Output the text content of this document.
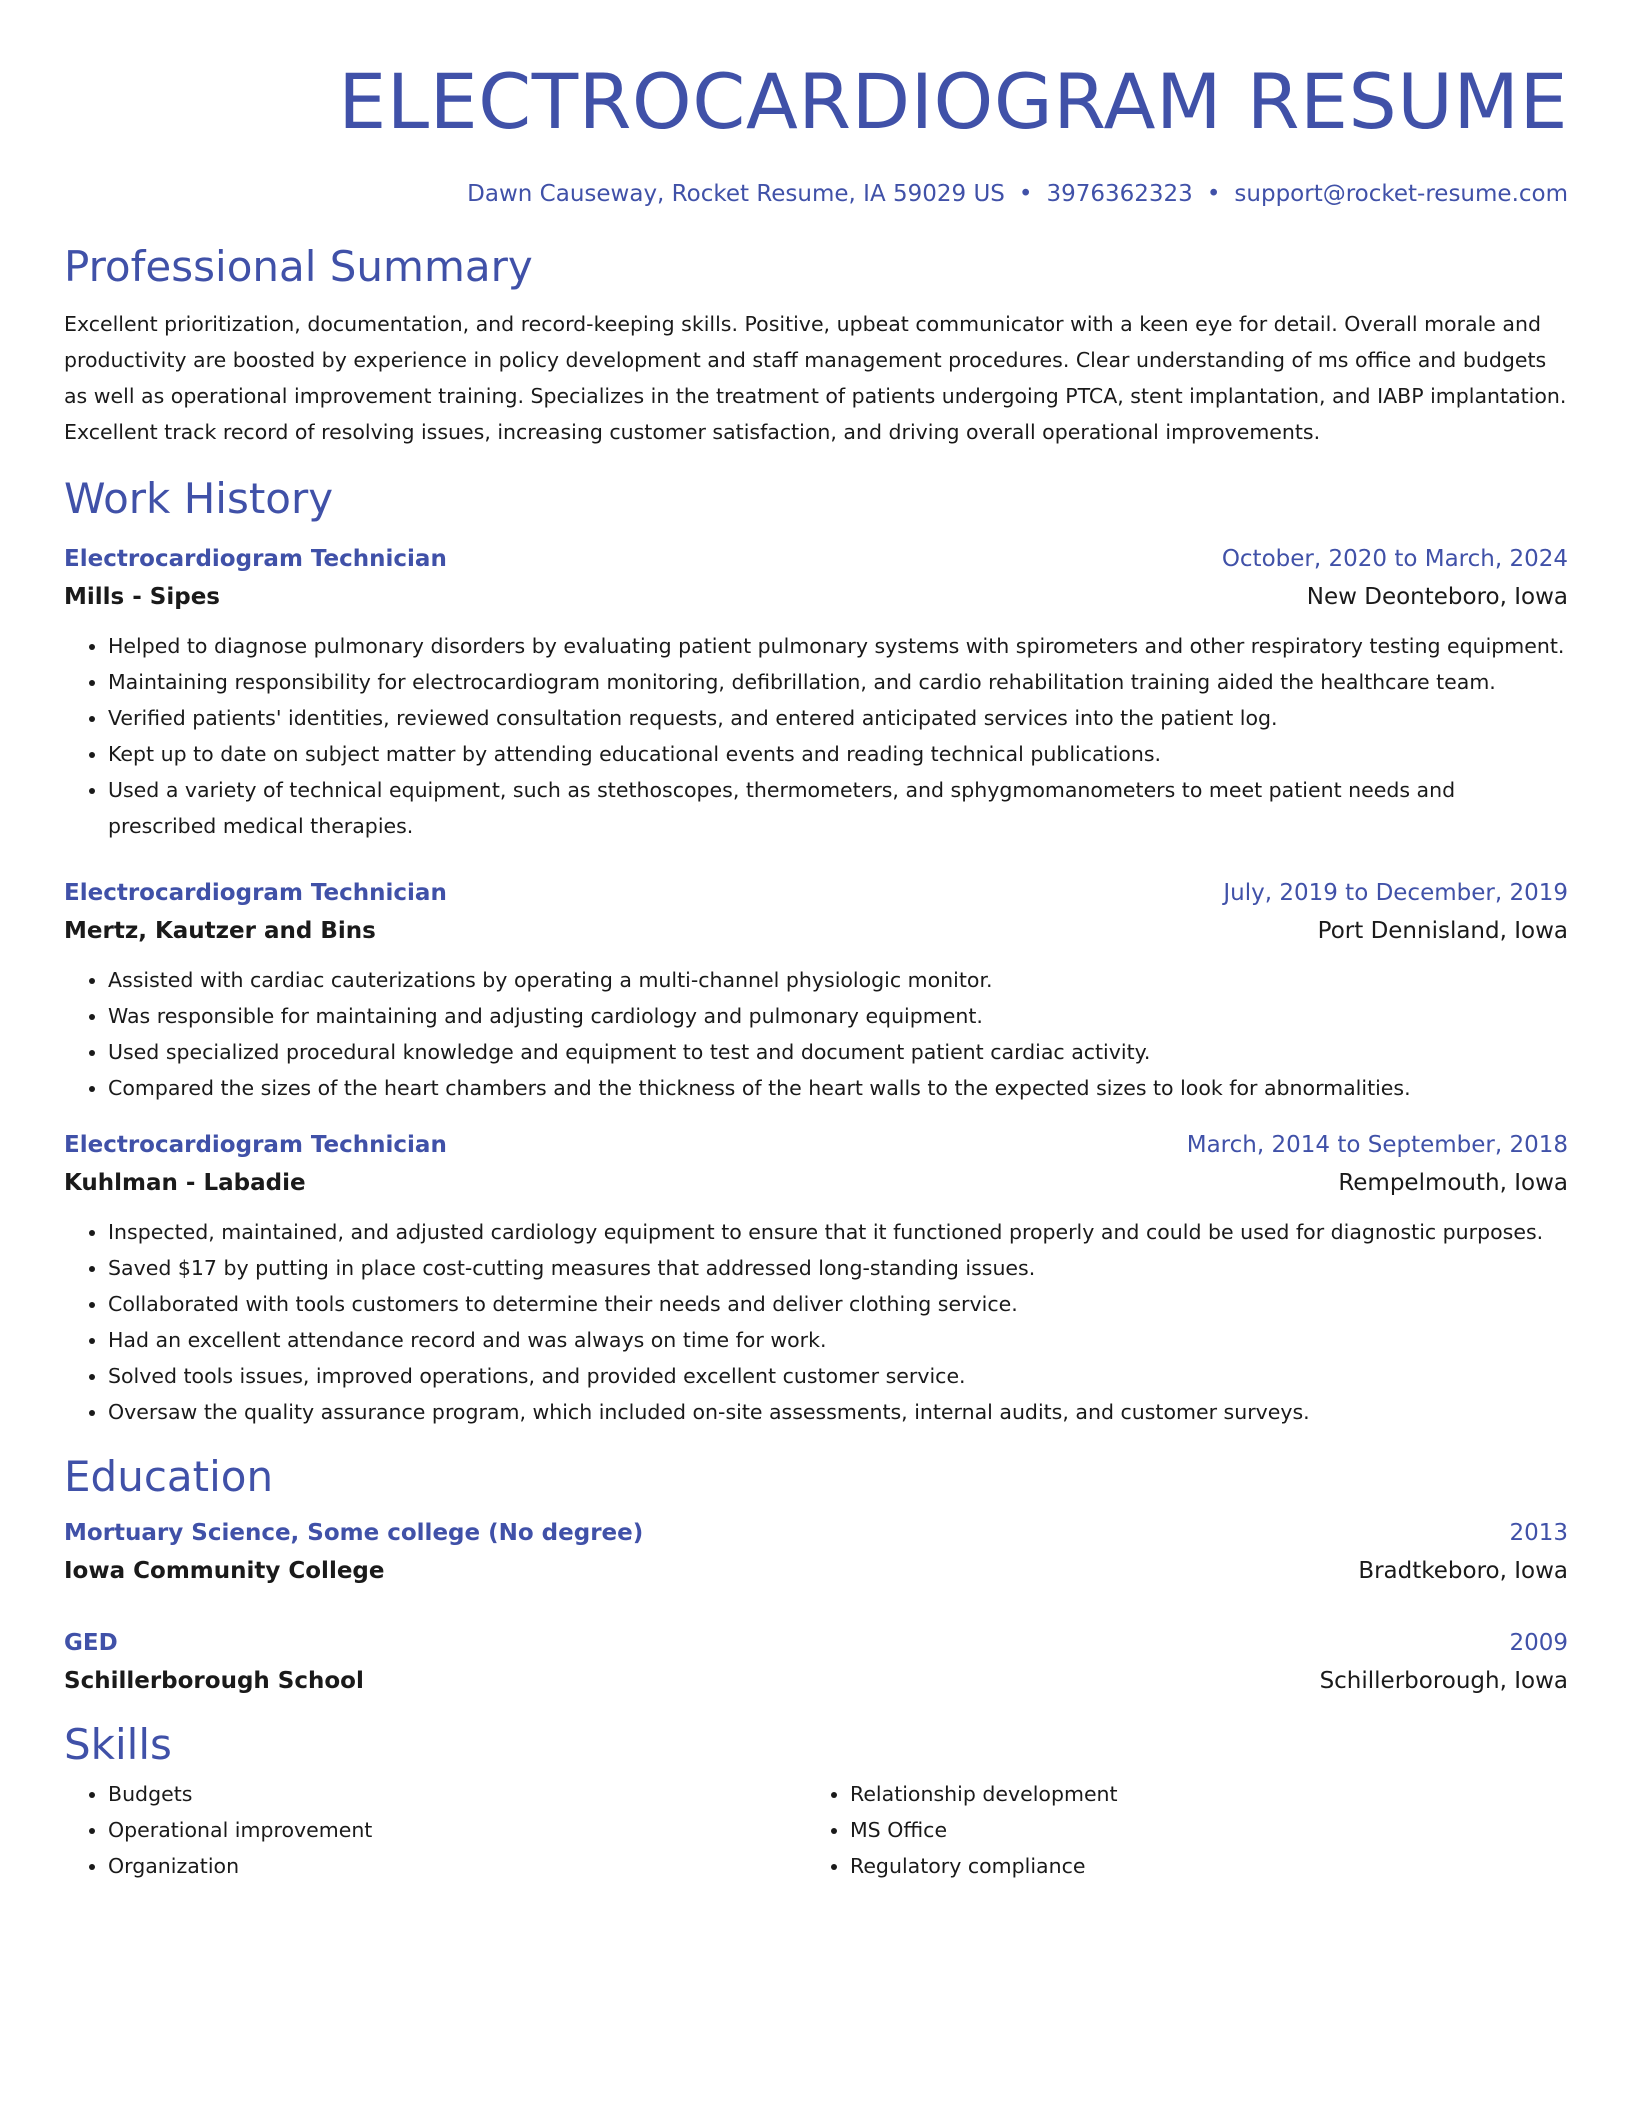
ELECTROCARDIOGRAM RESUME
Dawn Causeway, Rocket Resume, IA 59029 US • 3976362323 • support@rocket-resume.com
Professional Summary
Excellent prioritization, documentation, and record-keeping skills. Positive, upbeat communicator with a keen eye for detail. Overall morale and productivity are boosted by experience in policy development and staff management procedures. Clear understanding of ms office and budgets as well as operational improvement training. Specializes in the treatment of patients undergoing PTCA, stent implantation, and IABP implantation. Excellent track record of resolving issues, increasing customer satisfaction, and driving overall operational improvements.
Work History
Electrocardiogram Technician	October, 2020 to March, 2024
Mills - Sipes	New Deonteboro, Iowa
• Helped to diagnose pulmonary disorders by evaluating patient pulmonary systems with spirometers and other respiratory testing equipment.
• Maintaining responsibility for electrocardiogram monitoring, defibrillation, and cardio rehabilitation training aided the healthcare team.
• Verified patients' identities, reviewed consultation requests, and entered anticipated services into the patient log.
• Kept up to date on subject matter by attending educational events and reading technical publications.
• Used a variety of technical equipment, such as stethoscopes, thermometers, and sphygmomanometers to meet patient needs and prescribed medical therapies.
Electrocardiogram Technician	July, 2019 to December, 2019
Mertz, Kautzer and Bins	Port Dennisland, Iowa
• Assisted with cardiac cauterizations by operating a multi-channel physiologic monitor.
• Was responsible for maintaining and adjusting cardiology and pulmonary equipment.
• Used specialized procedural knowledge and equipment to test and document patient cardiac activity.
• Compared the sizes of the heart chambers and the thickness of the heart walls to the expected sizes to look for abnormalities.
Electrocardiogram Technician	March, 2014 to September, 2018
Kuhlman - Labadie	Rempelmouth, Iowa
• Inspected, maintained, and adjusted cardiology equipment to ensure that it functioned properly and could be used for diagnostic purposes.
• Saved $17 by putting in place cost-cutting measures that addressed long-standing issues.
• Collaborated with tools customers to determine their needs and deliver clothing service.
• Had an excellent attendance record and was always on time for work.
• Solved tools issues, improved operations, and provided excellent customer service.
• Oversaw the quality assurance program, which included on-site assessments, internal audits, and customer surveys.
Education
Mortuary Science, Some college (No degree)	2013
Iowa Community College	Bradtkeboro, Iowa
GED	2009
Schillerborough School	Schillerborough, Iowa
Skills
• Budgets
• Operational improvement
• Organization
• Relationship development
• MS Office
• Regulatory compliance
